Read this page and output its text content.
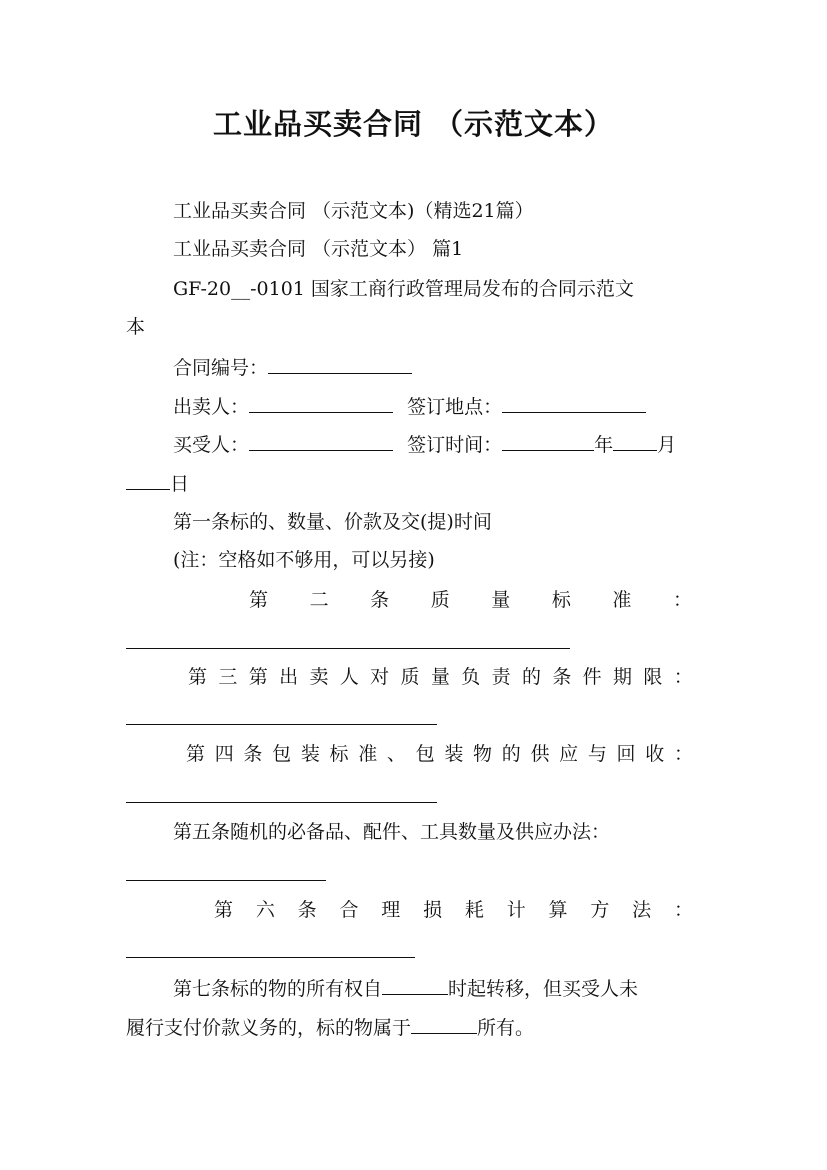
工业品买卖合同 （示范文本）
工业品买卖合同 （示范文本)（精选21篇）
工业品买卖合同 （示范文本） 篇1
GF-20__-0101 国家工商行政管理局发布的合同示范文
本
合同编号：
出卖人：	签订地点：
买受人：	签订时间：	年 月
日
第一条标的、数量、价款及交(提)时间
(注：空格如不够用，可以另接)
第 二 条 质 量 标 准 ：
第 三 第 出 卖 人 对 质 量 负 责 的 条 件 期 限 ：
第 四 条 包 装 标 准 、 包 装 物 的 供 应 与 回 收 ：
第五条随机的必备品、配件、工具数量及供应办法：
第 六 条 合 理 损 耗 计 算 方 法 ：
第七条标的物的所有权自	时起转移，但买受人未
履行支付价款义务的，标的物属于	所有。
